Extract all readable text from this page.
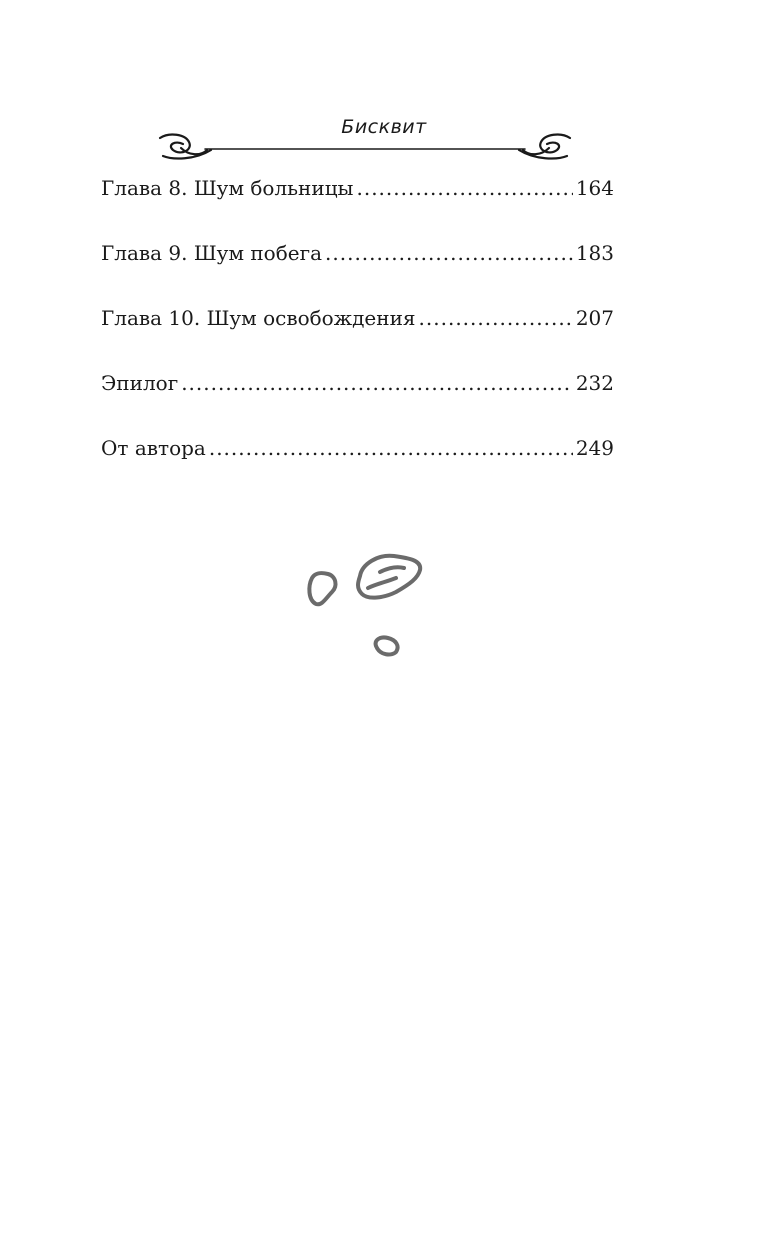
Бисквит
Глава 8. Шум больницы .....	164
Глава 9. Шум побега .....	183
Глава 10. Шум освобождения .....	207
Эпилог .....	232
От автора .....	249
